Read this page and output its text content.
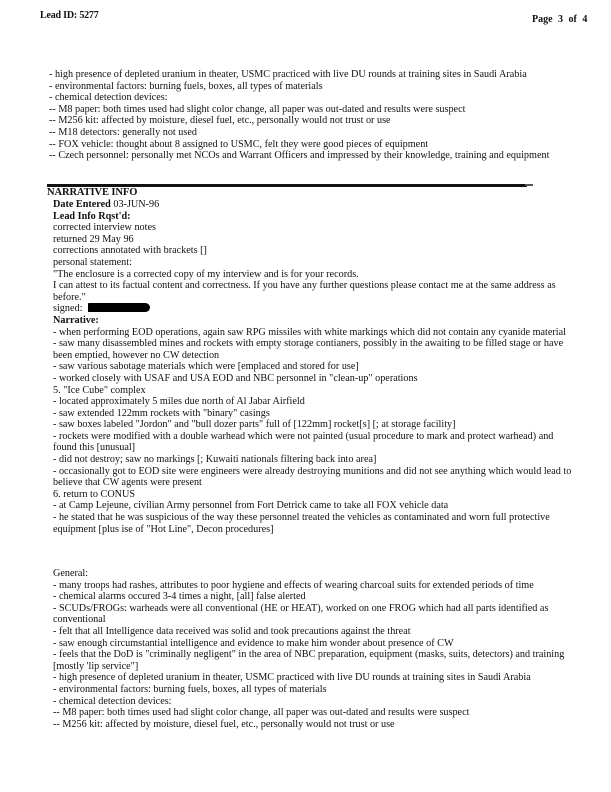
Lead ID: 5277	Page 3 of 4
- high presence of depleted uranium in theater, USMC practiced with live DU rounds at training sites in Saudi Arabia
- environmental factors: burning fuels, boxes, all types of materials
- chemical detection devices:
-- M8 paper: both times used had slight color change, all paper was out-dated and results were suspect
-- M256 kit: affected by moisture, diesel fuel, etc., personally would not trust or use
-- M18 detectors: generally not used
-- FOX vehicle: thought about 8 assigned to USMC, felt they were good pieces of equipment
-- Czech personnel: personally met NCOs and Warrant Officers and impressed by their knowledge, training and equipment
NARRATIVE INFO
Date Entered 03-JUN-96
Lead Info Rqst'd:
corrected interview notes
returned 29 May 96
corrections annotated with brackets []
personal statement:
"The enclosure is a corrected copy of my interview and is for your records.
I can attest to its factual content and correctness. If you have any further questions please contact me at the same address as before."
signed:
Narrative:
- when performing EOD operations, again saw RPG missiles with white markings which did not contain any cyanide material
- saw many disassembled mines and rockets with empty storage contianers, possibly in the awaiting to be filled stage or have been emptied, however no CW detection
- saw various sabotage materials which were [emplaced and stored for use]
- worked closely with USAF and USA EOD and NBC personnel in "clean-up" operations
5. "Ice Cube" complex
- located approximately 5 miles due north of Al Jabar Airfield
- saw extended 122mm rockets with "binary" casings
- saw boxes labeled "Jordon" and "bull dozer parts" full of [122mm] rocket[s] [; at storage facility]
- rockets were modified with a double warhead which were not painted (usual procedure to mark and protect warhead) and found this [unusual]
- did not destroy; saw no markings [; Kuwaiti nationals filtering back into area]
- occasionally got to EOD site were engineers were already destroying munitions and did not see anything which would lead to believe that CW agents were present
6. return to CONUS
- at Camp Lejeune, civilian Army personnel from Fort Detrick came to take all FOX vehicle data
- he stated that he was suspicious of the way these personnel treated the vehicles as contaminated and worn full protective equipment [plus ise of "Hot Line", Decon procedures]
General:
- many troops had rashes, attributes to poor hygiene and effects of wearing charcoal suits for extended periods of time
- chemical alarms occured 3-4 times a night, [all] false alerted
- SCUDs/FROGs: warheads were all conventional (HE or HEAT), worked on one FROG which had all parts identified as conventional
- felt that all Intelligence data received was solid and took precautions against the threat
- saw enough circumstantial intelligence and evidence to make him wonder about presence of CW
- feels that the DoD is "criminally negligent" in the area of NBC preparation, equipment (masks, suits, detectors) and training [mostly 'lip service"]
- high presence of depleted uranium in theater, USMC practiced with live DU rounds at training sites in Saudi Arabia
- environmental factors: burning fuels, boxes, all types of materials
- chemical detection devices:
-- M8 paper: both times used had slight color change, all paper was out-dated and results were suspect
-- M256 kit: affected by moisture, diesel fuel, etc., personally would not trust or use
